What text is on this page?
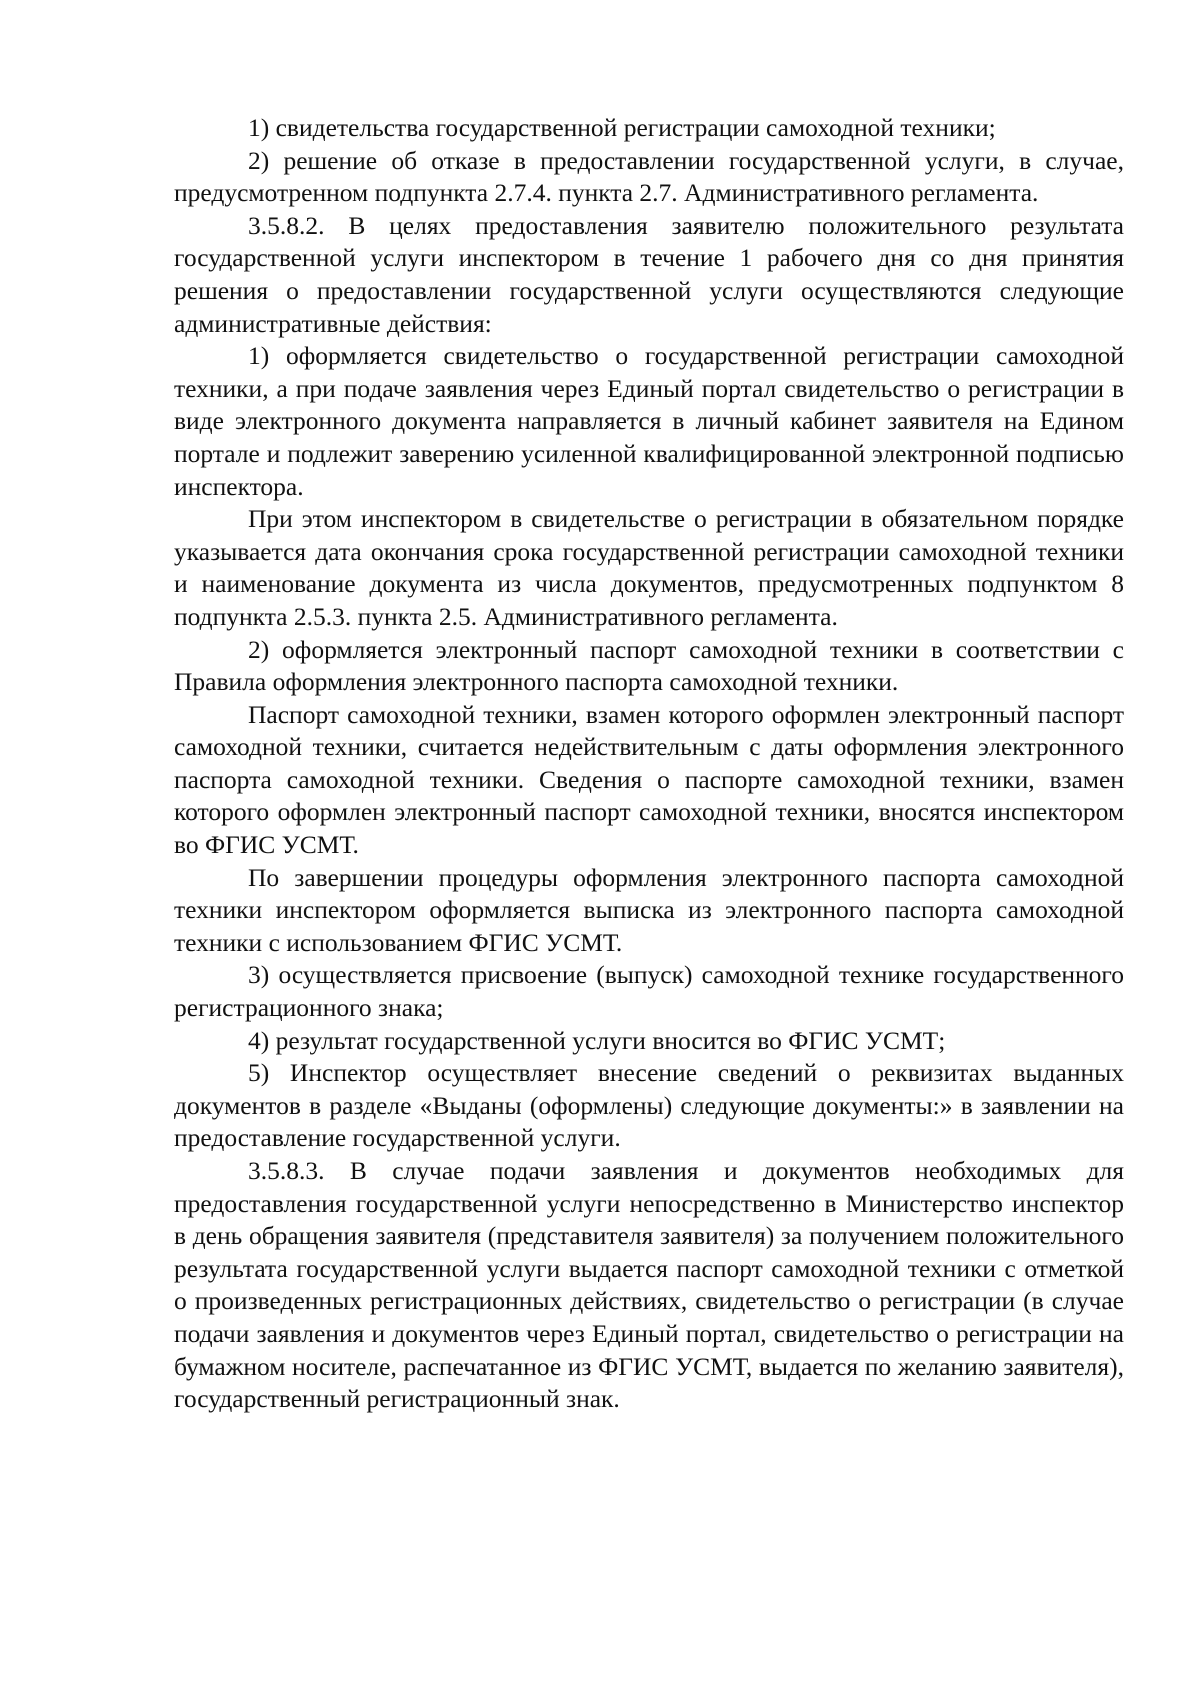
1) свидетельства государственной регистрации самоходной техники;

2) решение об отказе в предоставлении государственной услуги, в случае, предусмотренном подпункта 2.7.4. пункта 2.7. Административного регламента.

3.5.8.2. В целях предоставления заявителю положительного результата государственной услуги инспектором в течение 1 рабочего дня со дня принятия решения о предоставлении государственной услуги осуществляются следующие административные действия:

1) оформляется свидетельство о государственной регистрации самоходной техники, а при подаче заявления через Единый портал свидетельство о регистрации в виде электронного документа направляется в личный кабинет заявителя на Едином портале и подлежит заверению усиленной квалифицированной электронной подписью инспектора.

При этом инспектором в свидетельстве о регистрации в обязательном порядке указывается дата окончания срока государственной регистрации самоходной техники и наименование документа из числа документов, предусмотренных подпунктом 8 подпункта 2.5.3. пункта 2.5. Административного регламента.

2) оформляется электронный паспорт самоходной техники в соответствии с Правила оформления электронного паспорта самоходной техники.

Паспорт самоходной техники, взамен которого оформлен электронный паспорт самоходной техники, считается недействительным с даты оформления электронного паспорта самоходной техники. Сведения о паспорте самоходной техники, взамен которого оформлен электронный паспорт самоходной техники, вносятся инспектором во ФГИС УСМТ.

По завершении процедуры оформления электронного паспорта самоходной техники инспектором оформляется выписка из электронного паспорта самоходной техники с использованием ФГИС УСМТ.

3) осуществляется присвоение (выпуск) самоходной технике государственного регистрационного знака;

4) результат государственной услуги вносится во ФГИС УСМТ;

5) Инспектор осуществляет внесение сведений о реквизитах выданных документов в разделе «Выданы (оформлены) следующие документы:» в заявлении на предоставление государственной услуги.

3.5.8.3. В случае подачи заявления и документов необходимых для предоставления государственной услуги непосредственно в Министерство инспектор в день обращения заявителя (представителя заявителя) за получением положительного результата государственной услуги выдается паспорт самоходной техники с отметкой о произведенных регистрационных действиях, свидетельство о регистрации (в случае подачи заявления и документов через Единый портал, свидетельство о регистрации на бумажном носителе, распечатанное из ФГИС УСМТ, выдается по желанию заявителя), государственный регистрационный знак.
